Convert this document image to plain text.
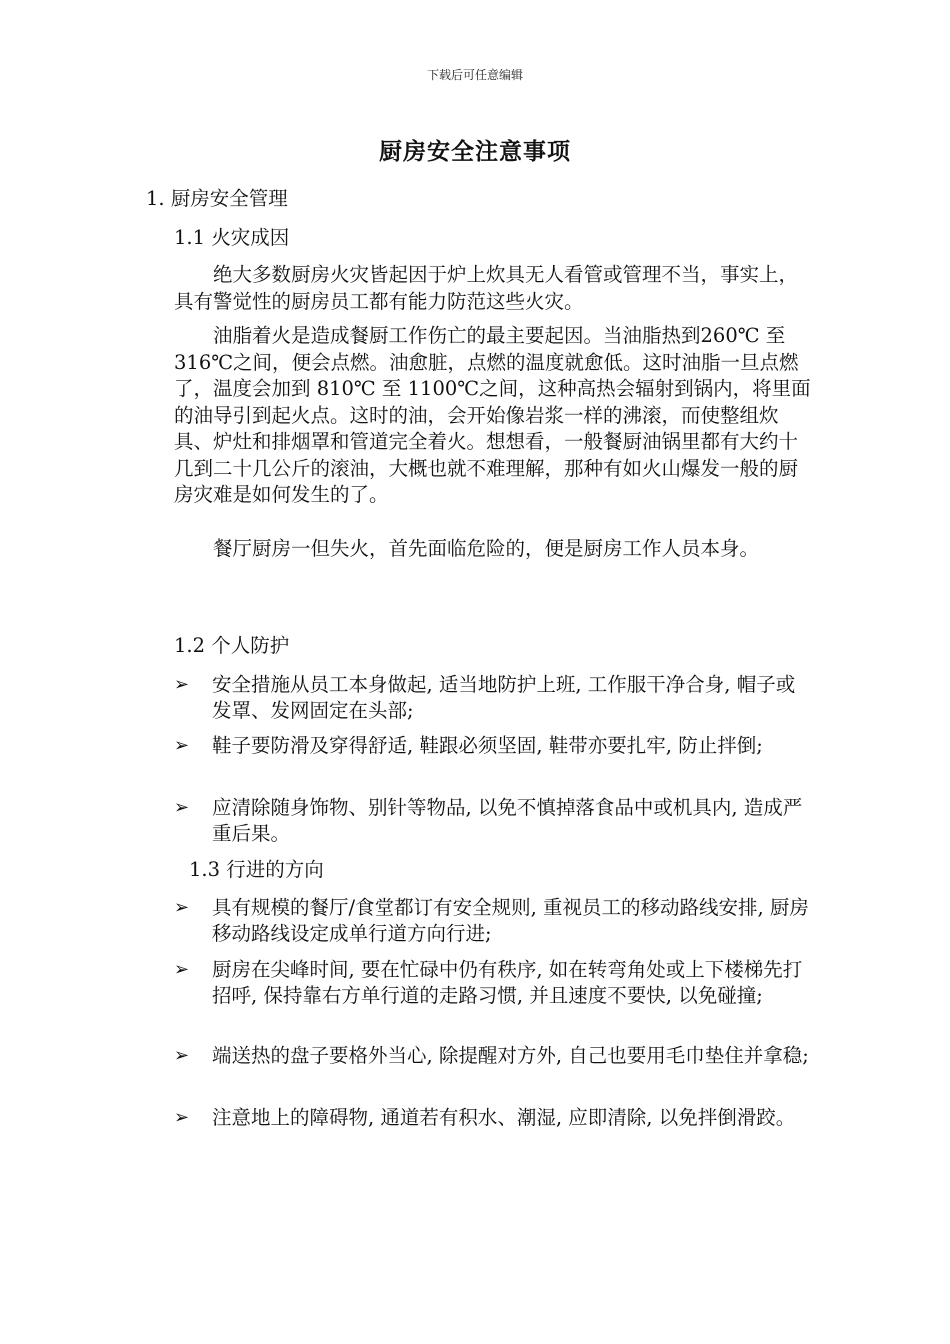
下载后可任意编辑
厨房安全注意事项
1. 厨房安全管理
1.1 火灾成因

绝大多数厨房火灾皆起因于炉上炊具无人看管或管理不当，事实上，具有警觉性的厨房员工都有能力防范这些火灾。

油脂着火是造成餐厨工作伤亡的最主要起因。当油脂热到260℃ 至 316℃之间，便会点燃。油愈脏，点燃的温度就愈低。这时油脂一旦点燃了，温度会加到 810℃ 至 1100℃之间，这种高热会辐射到锅内，将里面的油导引到起火点。这时的油，会开始像岩浆一样的沸滚，而使整组炊具、炉灶和排烟罩和管道完全着火。想想看，一般餐厨油锅里都有大约十几到二十几公斤的滚油，大概也就不难理解，那种有如火山爆发一般的厨房灾难是如何发生的了。

餐厅厨房一但失火，首先面临危险的，便是厨房工作人员本身。

1.2 个人防护
➢ 安全措施从员工本身做起, 适当地防护上班, 工作服干净合身, 帽子或发罩、发网固定在头部;
➢ 鞋子要防滑及穿得舒适, 鞋跟必须坚固, 鞋带亦要扎牢, 防止拌倒;
➢ 应清除随身饰物、别针等物品, 以免不慎掉落食品中或机具内, 造成严重后果。
1.3 行进的方向
➢ 具有规模的餐厅/食堂都订有安全规则, 重视员工的移动路线安排, 厨房移动路线设定成单行道方向行进;
➢ 厨房在尖峰时间, 要在忙碌中仍有秩序, 如在转弯角处或上下楼梯先打招呼, 保持靠右方单行道的走路习惯, 并且速度不要快, 以免碰撞;
➢ 端送热的盘子要格外当心, 除提醒对方外, 自己也要用毛巾垫住并拿稳;
➢ 注意地上的障碍物, 通道若有积水、潮湿, 应即清除, 以免拌倒滑跤。
